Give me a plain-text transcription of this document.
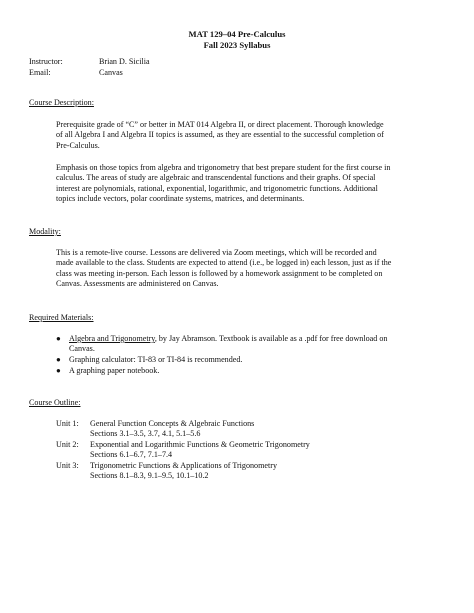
MAT 129–04 Pre-Calculus
Fall 2023 Syllabus
Instructor:	Brian D. Sicilia
Email:	Canvas
Course Description:
Prerequisite grade of “C” or better in MAT 014 Algebra II, or direct placement. Thorough knowledge
of all Algebra I and Algebra II topics is assumed, as they are essential to the successful completion of
Pre-Calculus.
Emphasis on those topics from algebra and trigonometry that best prepare student for the first course in
calculus. The areas of study are algebraic and transcendental functions and their graphs. Of special
interest are polynomials, rational, exponential, logarithmic, and trigonometric functions. Additional
topics include vectors, polar coordinate systems, matrices, and determinants.
Modality:
This is a remote-live course. Lessons are delivered via Zoom meetings, which will be recorded and
made available to the class. Students are expected to attend (i.e., be logged in) each lesson, just as if the
class was meeting in-person. Each lesson is followed by a homework assignment to be completed on
Canvas. Assessments are administered on Canvas.
Required Materials:
● Algebra and Trigonometry, by Jay Abramson. Textbook is available as a .pdf for free download on
Canvas.
● Graphing calculator: TI-83 or TI-84 is recommended.
● A graphing paper notebook.
Course Outline:
Unit 1: General Function Concepts & Algebraic Functions
Sections 3.1–3.5, 3.7, 4.1, 5.1–5.6
Unit 2: Exponential and Logarithmic Functions & Geometric Trigonometry
Sections 6.1–6.7, 7.1–7.4
Unit 3: Trigonometric Functions & Applications of Trigonometry
Sections 8.1–8.3, 9.1–9.5, 10.1–10.2
